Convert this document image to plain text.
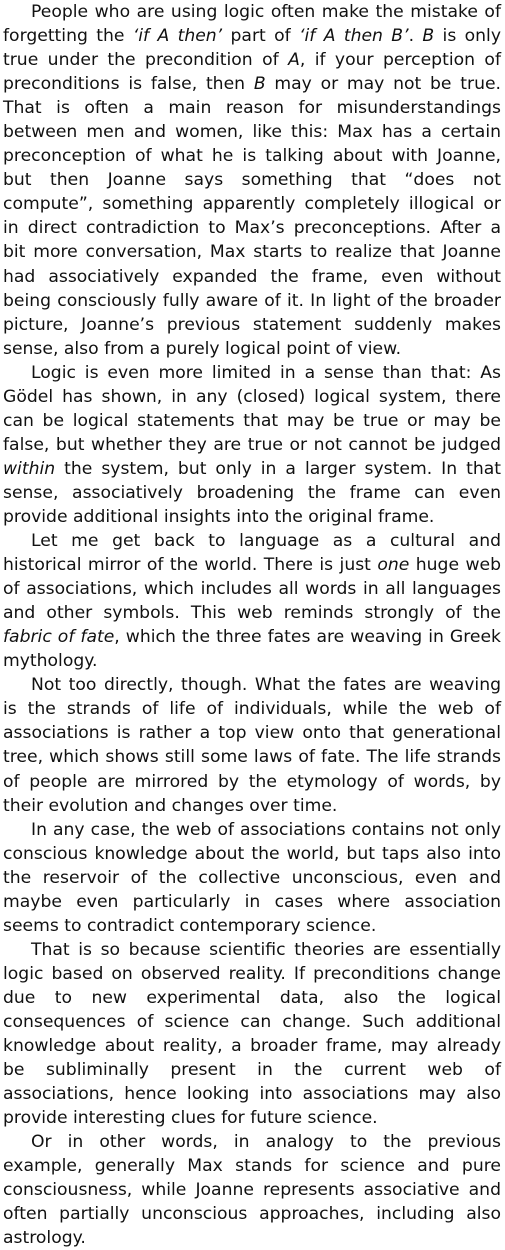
People who are using logic often make the mistake of forgetting the ‘if A then’ part of ‘if A then B’. B is only true under the precondition of A, if your perception of preconditions is false, then B may or may not be true. That is often a main reason for misunderstandings between men and women, like this: Max has a certain preconception of what he is talking about with Joanne, but then Joanne says something that “does not compute”, something apparently completely illogical or in direct contradiction to Max’s preconceptions. After a bit more conversation, Max starts to realize that Joanne had associatively expanded the frame, even without being consciously fully aware of it. In light of the broader picture, Joanne’s previous statement suddenly makes sense, also from a purely logical point of view.

Logic is even more limited in a sense than that: As Gödel has shown, in any (closed) logical system, there can be logical statements that may be true or may be false, but whether they are true or not cannot be judged within the system, but only in a larger system. In that sense, associatively broadening the frame can even provide additional insights into the original frame.

Let me get back to language as a cultural and historical mirror of the world. There is just one huge web of associations, which includes all words in all languages and other symbols. This web reminds strongly of the fabric of fate, which the three fates are weaving in Greek mythology.

Not too directly, though. What the fates are weaving is the strands of life of individuals, while the web of associations is rather a top view onto that generational tree, which shows still some laws of fate. The life strands of people are mirrored by the etymology of words, by their evolution and changes over time.

In any case, the web of associations contains not only conscious knowledge about the world, but taps also into the reservoir of the collective unconscious, even and maybe even particularly in cases where association seems to contradict contemporary science.

That is so because scientific theories are essentially logic based on observed reality. If preconditions change due to new experimental data, also the logical consequences of science can change. Such additional knowledge about reality, a broader frame, may already be subliminally present in the current web of associations, hence looking into associations may also provide interesting clues for future science.

Or in other words, in analogy to the previous example, generally Max stands for science and pure consciousness, while Joanne represents associative and often partially unconscious approaches, including also astrology.
